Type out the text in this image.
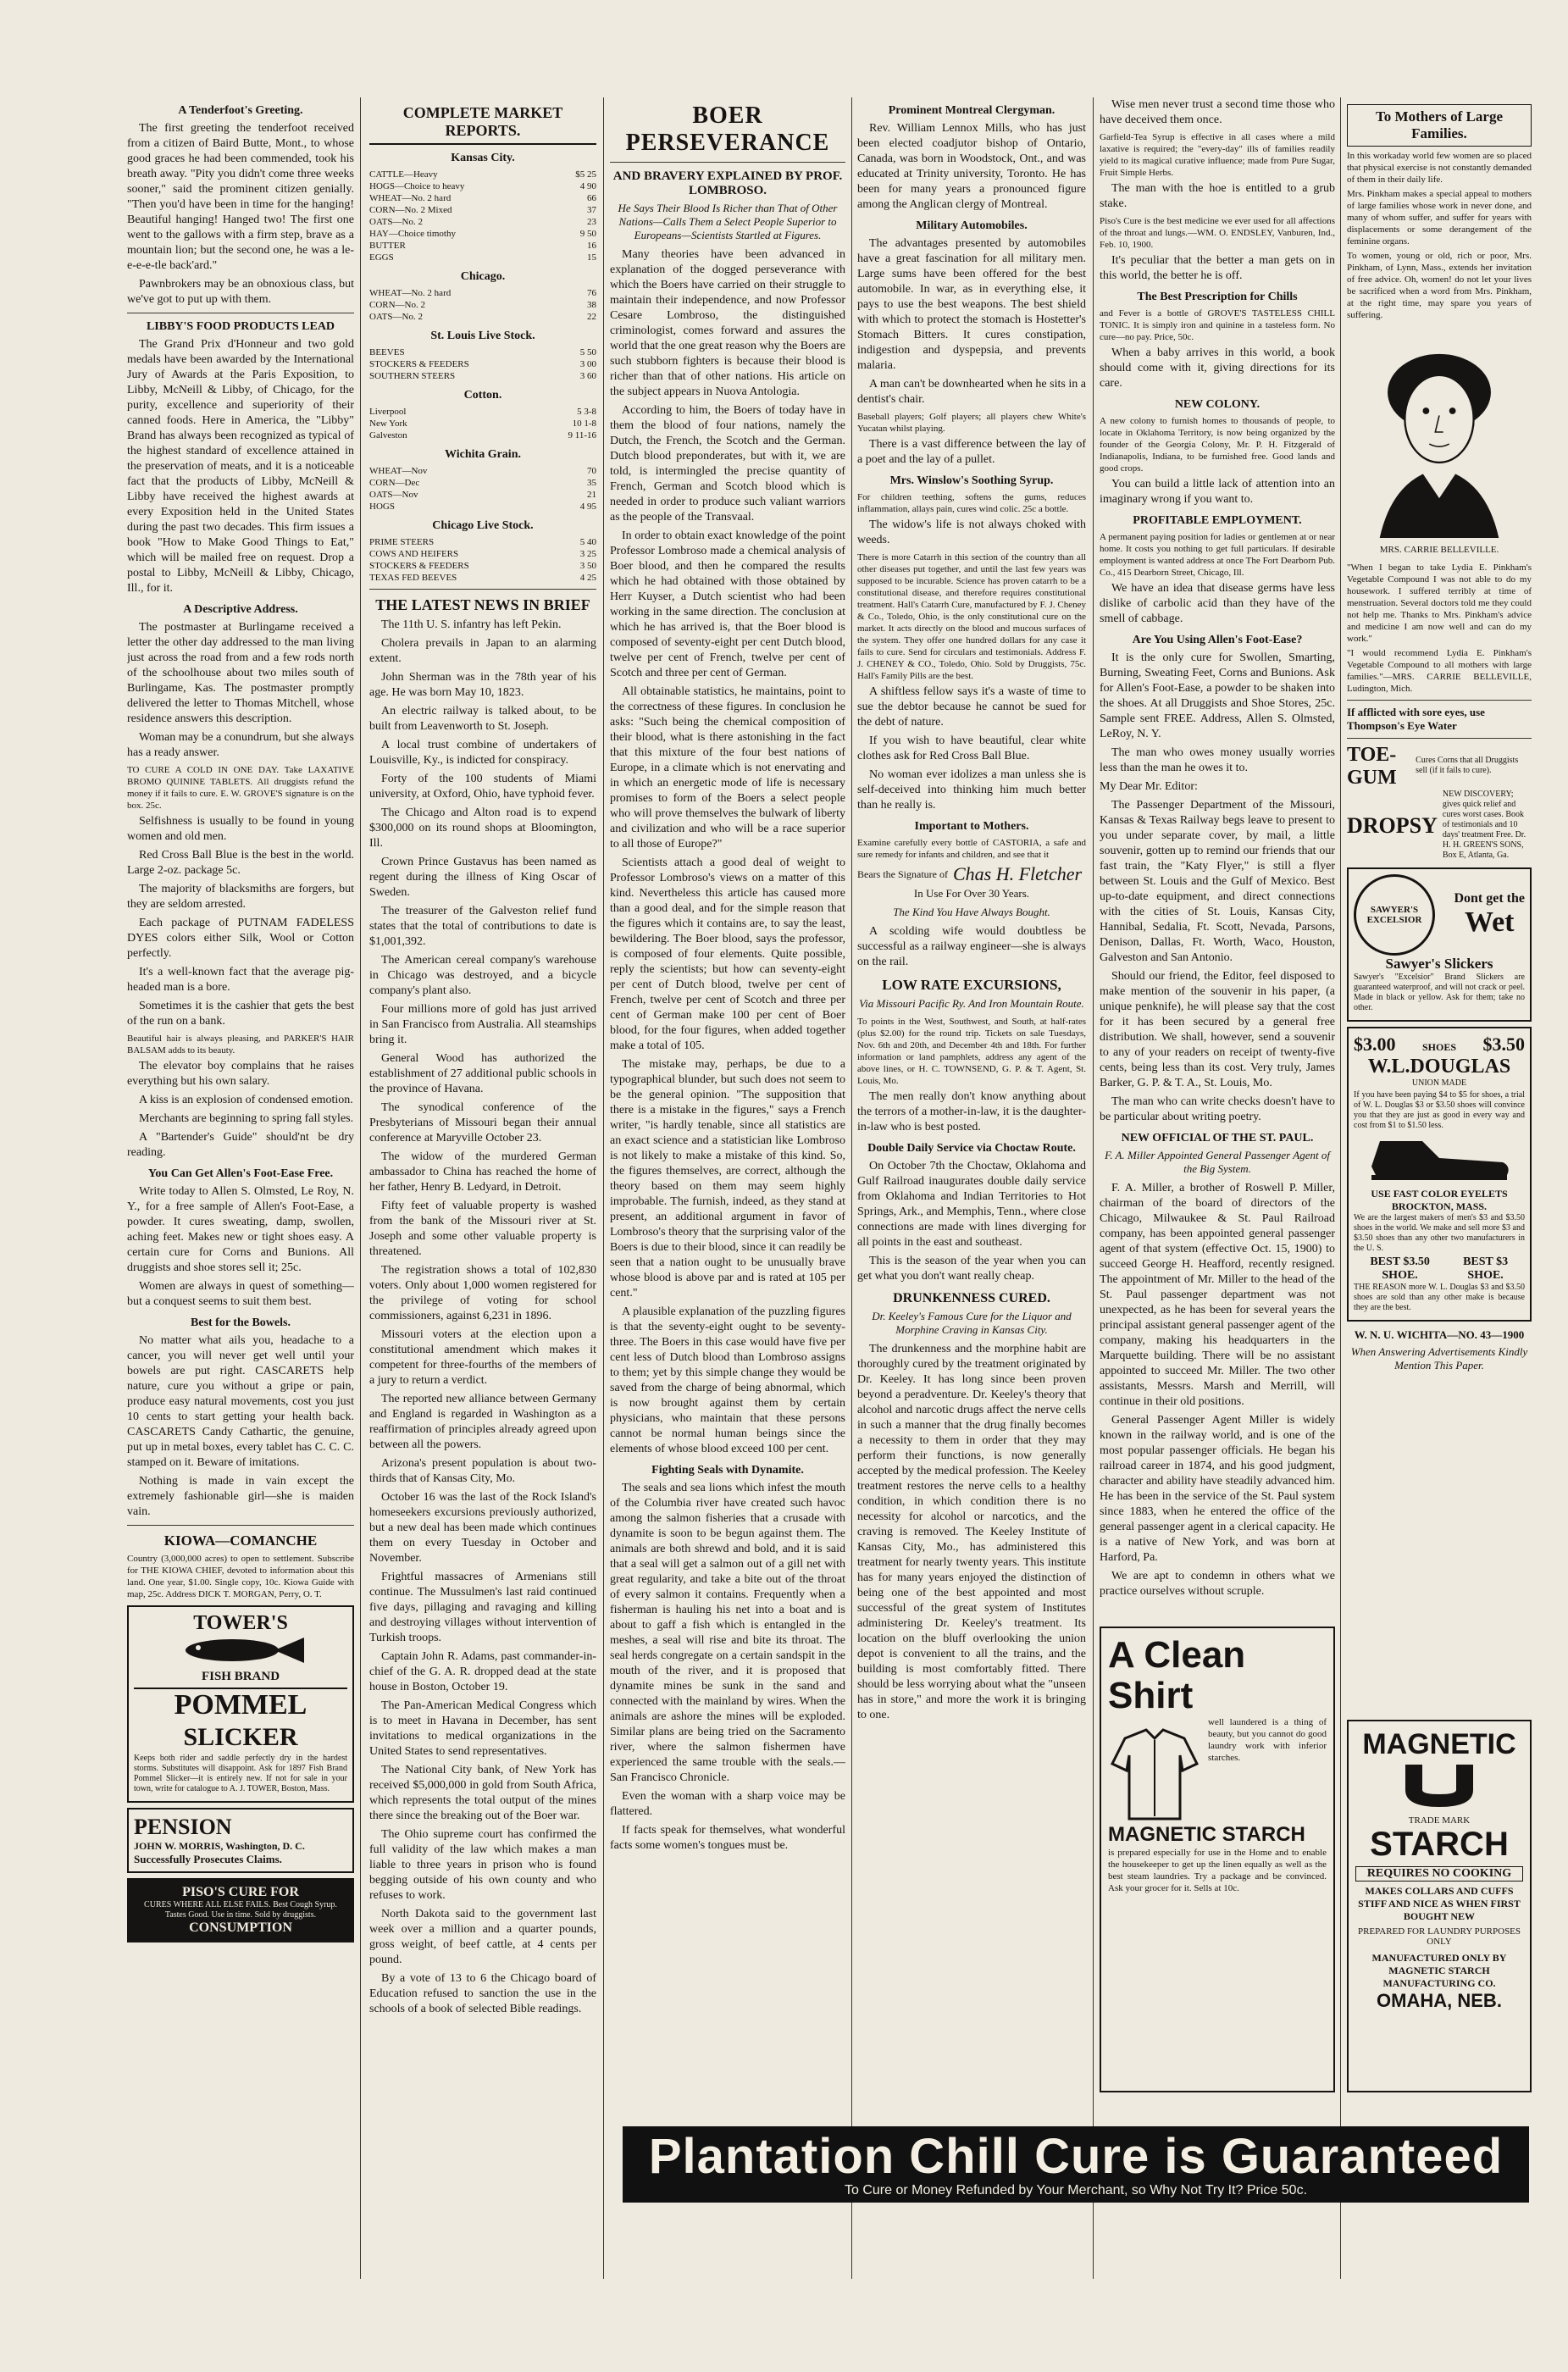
A Tenderfoot's Greeting.

The first greeting the tenderfoot received from a citizen of Baird Butte, Mont., to whose good graces he had been commended, took his breath away. "Pity you didn't come three weeks sooner," said the prominent citizen genially. "Then you'd have been in time for the hanging! Beautiful hanging! Hanged two! The first one went to the gallows with a firm step, brave as a mountain lion; but the second one, he was a le-e-e-e-tle back'ard."

Pawnbrokers may be an obnoxious class, but we've got to put up with them.

LIBBY'S FOOD PRODUCTS LEAD

The Grand Prix d'Honneur and two gold medals have been awarded by the International Jury of Awards at the Paris Exposition, to Libby, McNeill & Libby, of Chicago, for the purity, excellence and superiority of their canned foods. Here in America, the "Libby" Brand has always been recognized as typical of the highest standard of excellence attained in the preservation of meats, and it is a noticeable fact that the products of Libby, McNeill & Libby have received the highest awards at every Exposition held in the United States during the past two decades. This firm issues a book "How to Make Good Things to Eat," which will be mailed free on request. Drop a postal to Libby, McNeill & Libby, Chicago, Ill., for it.

A Descriptive Address.

The postmaster at Burlingame received a letter the other day addressed to the man living just across the road from and a few rods north of the schoolhouse about two miles south of Burlingame, Kas. The postmaster promptly delivered the letter to Thomas Mitchell, whose residence answers this description.

Woman may be a conundrum, but she always has a ready answer.

TO CURE A COLD IN ONE DAY. Take LAXATIVE BROMO QUININE TABLETS. All druggists refund the money if it fails to cure. E. W. GROVE'S signature is on the box. 25c.

Selfishness is usually to be found in young women and old men.

Red Cross Ball Blue is the best in the world. Large 2-oz. package 5c.

The majority of blacksmiths are forgers, but they are seldom arrested.

Each package of PUTNAM FADELESS DYES colors either Silk, Wool or Cotton perfectly.

It's a well-known fact that the average pig-headed man is a bore.

Sometimes it is the cashier that gets the best of the run on a bank.

Beautiful hair is always pleasing, and PARKER'S HAIR BALSAM adds to its beauty.

The elevator boy complains that he raises everything but his own salary.

A kiss is an explosion of condensed emotion.

Merchants are beginning to spring fall styles.

A "Bartender's Guide" should'nt be dry reading.

You Can Get Allen's Foot-Ease Free.

Write today to Allen S. Olmsted, Le Roy, N. Y., for a free sample of Allen's Foot-Ease, a powder. It cures sweating, damp, swollen, aching feet. Makes new or tight shoes easy. A certain cure for Corns and Bunions. All druggists and shoe stores sell it; 25c.

Women are always in quest of something—but a conquest seems to suit them best.

Best for the Bowels.

No matter what ails you, headache to a cancer, you will never get well until your bowels are put right. CASCARETS help nature, cure you without a gripe or pain, produce easy natural movements, cost you just 10 cents to start getting your health back. CASCARETS Candy Cathartic, the genuine, put up in metal boxes, every tablet has C. C. C. stamped on it. Beware of imitations.

Nothing is made in vain except the extremely fashionable girl—she is maiden vain.

KIOWA—COMANCHE

Country (3,000,000 acres) to open to settlement. Subscribe for THE KIOWA CHIEF, devoted to information about this land. One year, $1.00. Single copy, 10c. Kiowa Guide with map, 25c. Address DICK T. MORGAN, Perry, O. T.

TOWER'S
FISH BRAND
POMMEL
SLICKER

Keeps both rider and saddle perfectly dry in the hardest storms. Substitutes will disappoint. Ask for 1897 Fish Brand Pommel Slicker—it is entirely new. If not for sale in your town, write for catalogue to A. J. TOWER, Boston, Mass.

PENSION
JOHN W. MORRIS, Washington, D. C.
Successfully Prosecutes Claims.
PISO'S CURE FOR
CURES WHERE ALL ELSE FAILS. Best Cough Syrup. Tastes Good. Use in time. Sold by druggists.
CONSUMPTION
COMPLETE MARKET REPORTS.
Kansas City.
CATTLE—Heavy	$5 25
HOGS—Choice to heavy	4 90
WHEAT—No. 2 hard	66
CORN—No. 2 Mixed	37
OATS—No. 2	23
HAY—Choice timothy	9 50
BUTTER	16
EGGS	15
Chicago.
WHEAT—No. 2 hard	76
CORN—No. 2	38
OATS—No. 2	22
St. Louis Live Stock.
BEEVES	5 50
STOCKERS & FEEDERS	3 00
SOUTHERN STEERS	3 60
Cotton.
Liverpool	5 3-8
New York	10 1-8
Galveston	9 11-16
Wichita Grain.
WHEAT—Nov	70
CORN—Dec	35
OATS—Nov	21
HOGS	4 95
Chicago Live Stock.
PRIME STEERS	5 40
COWS AND HEIFERS	3 25
STOCKERS & FEEDERS	3 50
TEXAS FED BEEVES	4 25
THE LATEST NEWS IN BRIEF

The 11th U. S. infantry has left Pekin.

Cholera prevails in Japan to an alarming extent.

John Sherman was in the 78th year of his age. He was born May 10, 1823.

An electric railway is talked about, to be built from Leavenworth to St. Joseph.

A local trust combine of undertakers of Louisville, Ky., is indicted for conspiracy.

Forty of the 100 students of Miami university, at Oxford, Ohio, have typhoid fever.

The Chicago and Alton road is to expend $300,000 on its round shops at Bloomington, Ill.

Crown Prince Gustavus has been named as regent during the illness of King Oscar of Sweden.

The treasurer of the Galveston relief fund states that the total of contributions to date is $1,001,392.

The American cereal company's warehouse in Chicago was destroyed, and a bicycle company's plant also.

Four millions more of gold has just arrived in San Francisco from Australia. All steamships bring it.

General Wood has authorized the establishment of 27 additional public schools in the province of Havana.

The synodical conference of the Presbyterians of Missouri began their annual conference at Maryville October 23.

The widow of the murdered German ambassador to China has reached the home of her father, Henry B. Ledyard, in Detroit.

Fifty feet of valuable property is washed from the bank of the Missouri river at St. Joseph and some other valuable property is threatened.

The registration shows a total of 102,830 voters. Only about 1,000 women registered for the privilege of voting for school commissioners, against 6,231 in 1896.

Missouri voters at the election upon a constitutional amendment which makes it competent for three-fourths of the members of a jury to return a verdict.

The reported new alliance between Germany and England is regarded in Washington as a reaffirmation of principles already agreed upon between all the powers.

Arizona's present population is about two-thirds that of Kansas City, Mo.

October 16 was the last of the Rock Island's homeseekers excursions previously authorized, but a new deal has been made which continues them on every Tuesday in October and November.

Frightful massacres of Armenians still continue. The Mussulmen's last raid continued five days, pillaging and ravaging and killing and destroying villages without intervention of Turkish troops.

Captain John R. Adams, past commander-in-chief of the G. A. R. dropped dead at the state house in Boston, October 19.

The Pan-American Medical Congress which is to meet in Havana in December, has sent invitations to medical organizations in the United States to send representatives.

The National City bank, of New York has received $5,000,000 in gold from South Africa, which represents the total output of the mines there since the breaking out of the Boer war.

The Ohio supreme court has confirmed the full validity of the law which makes a man liable to three years in prison who is found begging outside of his own county and who refuses to work.

North Dakota said to the government last week over a million and a quarter pounds, gross weight, of beef cattle, at 4 cents per pound.

By a vote of 13 to 6 the Chicago board of Education refused to sanction the use in the schools of a book of selected Bible readings.

BOER PERSEVERANCE
AND BRAVERY EXPLAINED BY PROF. LOMBROSO.
He Says Their Blood Is Richer than That of Other Nations—Calls Them a Select People Superior to Europeans—Scientists Startled at Figures.

Many theories have been advanced in explanation of the dogged perseverance with which the Boers have carried on their struggle to maintain their independence, and now Professor Cesare Lombroso, the distinguished criminologist, comes forward and assures the world that the one great reason why the Boers are such stubborn fighters is because their blood is richer than that of other nations. His article on the subject appears in Nuova Antologia.

According to him, the Boers of today have in them the blood of four nations, namely the Dutch, the French, the Scotch and the German. Dutch blood preponderates, but with it, we are told, is intermingled the precise quantity of French, German and Scotch blood which is needed in order to produce such valiant warriors as the people of the Transvaal.

In order to obtain exact knowledge of the point Professor Lombroso made a chemical analysis of Boer blood, and then he compared the results which he had obtained with those obtained by Herr Kuyser, a Dutch scientist who had been working in the same direction. The conclusion at which he has arrived is, that the Boer blood is composed of seventy-eight per cent Dutch blood, twelve per cent of French, twelve per cent of Scotch and three per cent of German.

All obtainable statistics, he maintains, point to the correctness of these figures. In conclusion he asks: "Such being the chemical composition of their blood, what is there astonishing in the fact that this mixture of the four best nations of Europe, in a climate which is not enervating and in which an energetic mode of life is necessary promises to form of the Boers a select people who will prove themselves the bulwark of liberty and civilization and who will be a race superior to all those of Europe?"

Scientists attach a good deal of weight to Professor Lombroso's views on a matter of this kind. Nevertheless this article has caused more than a good deal, and for the simple reason that the figures which it contains are, to say the least, bewildering. The Boer blood, says the professor, is composed of four elements. Quite possible, reply the scientists; but how can seventy-eight per cent of Dutch blood, twelve per cent of French, twelve per cent of Scotch and three per cent of German make 100 per cent of Boer blood, for the four figures, when added together make a total of 105.

The mistake may, perhaps, be due to a typographical blunder, but such does not seem to be the general opinion. "The supposition that there is a mistake in the figures," says a French writer, "is hardly tenable, since all statistics are an exact science and a statistician like Lombroso is not likely to make a mistake of this kind. So, the figures themselves, are correct, although the theory based on them may seem highly improbable. The furnish, indeed, as they stand at present, an additional argument in favor of Lombroso's theory that the surprising valor of the Boers is due to their blood, since it can readily be seen that a nation ought to be unusually brave whose blood is above par and is rated at 105 per cent."

A plausible explanation of the puzzling figures is that the seventy-eight ought to be seventy-three. The Boers in this case would have five per cent less of Dutch blood than Lombroso assigns to them; yet by this simple change they would be saved from the charge of being abnormal, which is now brought against them by certain physicians, who maintain that these persons cannot be normal human beings since the elements of whose blood exceed 100 per cent.

Fighting Seals with Dynamite.

The seals and sea lions which infest the mouth of the Columbia river have created such havoc among the salmon fisheries that a crusade with dynamite is soon to be begun against them. The animals are both shrewd and bold, and it is said that a seal will get a salmon out of a gill net with great regularity, and take a bite out of the throat of every salmon it contains. Frequently when a fisherman is hauling his net into a boat and is about to gaff a fish which is entangled in the meshes, a seal will rise and bite its throat. The seal herds congregate on a certain sandspit in the mouth of the river, and it is proposed that dynamite mines be sunk in the sand and connected with the mainland by wires. When the animals are ashore the mines will be exploded. Similar plans are being tried on the Sacramento river, where the salmon fishermen have experienced the same trouble with the seals.—San Francisco Chronicle.

Even the woman with a sharp voice may be flattered.

If facts speak for themselves, what wonderful facts some women's tongues must be.

Prominent Montreal Clergyman.

Rev. William Lennox Mills, who has just been elected coadjutor bishop of Ontario, Canada, was born in Woodstock, Ont., and was educated at Trinity university, Toronto. He has been for many years a pronounced figure among the Anglican clergy of Montreal.

Military Automobiles.

The advantages presented by automobiles have a great fascination for all military men. Large sums have been offered for the best automobile. In war, as in everything else, it pays to use the best weapons. The best shield with which to protect the stomach is Hostetter's Stomach Bitters. It cures constipation, indigestion and dyspepsia, and prevents malaria.

A man can't be downhearted when he sits in a dentist's chair.

Baseball players; Golf players; all players chew White's Yucatan whilst playing.

There is a vast difference between the lay of a poet and the lay of a pullet.

Mrs. Winslow's Soothing Syrup.

For children teething, softens the gums, reduces inflammation, allays pain, cures wind colic. 25c a bottle.

The widow's life is not always choked with weeds.

There is more Catarrh in this section of the country than all other diseases put together, and until the last few years was supposed to be incurable. Science has proven catarrh to be a constitutional disease, and therefore requires constitutional treatment. Hall's Catarrh Cure, manufactured by F. J. Cheney & Co., Toledo, Ohio, is the only constitutional cure on the market. It acts directly on the blood and mucous surfaces of the system. They offer one hundred dollars for any case it fails to cure. Send for circulars and testimonials. Address F. J. CHENEY & CO., Toledo, Ohio. Sold by Druggists, 75c. Hall's Family Pills are the best.

A shiftless fellow says it's a waste of time to sue the debtor because he cannot be sued for the debt of nature.

If you wish to have beautiful, clear white clothes ask for Red Cross Ball Blue.

No woman ever idolizes a man unless she is self-deceived into thinking him much better than he really is.

Important to Mothers.

Examine carefully every bottle of CASTORIA, a safe and sure remedy for infants and children, and see that it

Bears the Signature of Chas H. Fletcher
In Use For Over 30 Years.
The Kind You Have Always Bought.

A scolding wife would doubtless be successful as a railway engineer—she is always on the rail.

LOW RATE EXCURSIONS,
Via Missouri Pacific Ry. And Iron Mountain Route.

To points in the West, Southwest, and South, at half-rates (plus $2.00) for the round trip. Tickets on sale Tuesdays, Nov. 6th and 20th, and December 4th and 18th. For further information or land pamphlets, address any agent of the above lines, or H. C. TOWNSEND, G. P. & T. Agent, St. Louis, Mo.

The men really don't know anything about the terrors of a mother-in-law, it is the daughter-in-law who is best posted.

Double Daily Service via Choctaw Route.

On October 7th the Choctaw, Oklahoma and Gulf Railroad inaugurates double daily service from Oklahoma and Indian Territories to Hot Springs, Ark., and Memphis, Tenn., where close connections are made with lines diverging for all points in the east and southeast.

This is the season of the year when you can get what you don't want really cheap.

DRUNKENNESS CURED.
Dr. Keeley's Famous Cure for the Liquor and Morphine Craving in Kansas City.

The drunkenness and the morphine habit are thoroughly cured by the treatment originated by Dr. Keeley. It has long since been proven beyond a peradventure. Dr. Keeley's theory that alcohol and narcotic drugs affect the nerve cells in such a manner that the drug finally becomes a necessity to them in order that they may perform their functions, is now generally accepted by the medical profession. The Keeley treatment restores the nerve cells to a healthy condition, in which condition there is no necessity for alcohol or narcotics, and the craving is removed. The Keeley Institute of Kansas City, Mo., has administered this treatment for nearly twenty years. This institute has for many years enjoyed the distinction of being one of the best appointed and most successful of the great system of Institutes administering Dr. Keeley's treatment. Its location on the bluff overlooking the union depot is convenient to all the trains, and the building is most comfortably fitted. There should be less worrying about what the "unseen has in store," and more the work it is bringing to one.

Wise men never trust a second time those who have deceived them once.

Garfield-Tea Syrup is effective in all cases where a mild laxative is required; the "every-day" ills of families readily yield to its magical curative influence; made from Pure Sugar, Fruit Simple Herbs.

The man with the hoe is entitled to a grub stake.

Piso's Cure is the best medicine we ever used for all affections of the throat and lungs.—WM. O. ENDSLEY, Vanburen, Ind., Feb. 10, 1900.

It's peculiar that the better a man gets on in this world, the better he is off.

The Best Prescription for Chills

and Fever is a bottle of GROVE'S TASTELESS CHILL TONIC. It is simply iron and quinine in a tasteless form. No cure—no pay. Price, 50c.

When a baby arrives in this world, a book should come with it, giving directions for its care.

NEW COLONY.

A new colony to furnish homes to thousands of people, to locate in Oklahoma Territory, is now being organized by the founder of the Georgia Colony, Mr. P. H. Fitzgerald of Indianapolis, Indiana, to be furnished free. Good lands and good crops.

You can build a little lack of attention into an imaginary wrong if you want to.

PROFITABLE EMPLOYMENT.

A permanent paying position for ladies or gentlemen at or near home. It costs you nothing to get full particulars. If desirable employment is wanted address at once The Fort Dearborn Pub. Co., 415 Dearborn Street, Chicago, Ill.

We have an idea that disease germs have less dislike of carbolic acid than they have of the smell of cabbage.

Are You Using Allen's Foot-Ease?

It is the only cure for Swollen, Smarting, Burning, Sweating Feet, Corns and Bunions. Ask for Allen's Foot-Ease, a powder to be shaken into the shoes. At all Druggists and Shoe Stores, 25c. Sample sent FREE. Address, Allen S. Olmsted, LeRoy, N. Y.

The man who owes money usually worries less than the man he owes it to.

My Dear Mr. Editor:

The Passenger Department of the Missouri, Kansas & Texas Railway begs leave to present to you under separate cover, by mail, a little souvenir, gotten up to remind our friends that our fast train, the "Katy Flyer," is still a flyer between St. Louis and the Gulf of Mexico. Best up-to-date equipment, and direct connections with the cities of St. Louis, Kansas City, Hannibal, Sedalia, Ft. Scott, Nevada, Parsons, Denison, Dallas, Ft. Worth, Waco, Houston, Galveston and San Antonio.

Should our friend, the Editor, feel disposed to make mention of the souvenir in his paper, (a unique penknife), he will please say that the cost for it has been secured by a general free distribution. We shall, however, send a souvenir to any of your readers on receipt of twenty-five cents, being less than its cost. Very truly, James Barker, G. P. & T. A., St. Louis, Mo.

The man who can write checks doesn't have to be particular about writing poetry.

NEW OFFICIAL OF THE ST. PAUL.
F. A. Miller Appointed General Passenger Agent of the Big System.

F. A. Miller, a brother of Roswell P. Miller, chairman of the board of directors of the Chicago, Milwaukee & St. Paul Railroad company, has been appointed general passenger agent of that system (effective Oct. 15, 1900) to succeed George H. Heafford, recently resigned. The appointment of Mr. Miller to the head of the St. Paul passenger department was not unexpected, as he has been for several years the principal assistant general passenger agent of the company, making his headquarters in the Marquette building. There will be no assistant appointed to succeed Mr. Miller. The two other assistants, Messrs. Marsh and Merrill, will continue in their old positions.

General Passenger Agent Miller is widely known in the railway world, and is one of the most popular passenger officials. He began his railroad career in 1874, and his good judgment, character and ability have steadily advanced him. He has been in the service of the St. Paul system since 1883, when he entered the office of the general passenger agent in a clerical capacity. He is a native of New York, and was born at Harford, Pa.

We are apt to condemn in others what we practice ourselves without scruple.

To Mothers of Large Families.

In this workaday world few women are so placed that physical exercise is not constantly demanded of them in their daily life.

Mrs. Pinkham makes a special appeal to mothers of large families whose work in never done, and many of whom suffer, and suffer for years with displacements or some derangement of the feminine organs.

To women, young or old, rich or poor, Mrs. Pinkham, of Lynn, Mass., extends her invitation of free advice. Oh, women! do not let your lives be sacrificed when a word from Mrs. Pinkham, at the right time, may spare you years of suffering.

MRS. CARRIE BELLEVILLE.

"When I began to take Lydia E. Pinkham's Vegetable Compound I was not able to do my housework. I suffered terribly at time of menstruation. Several doctors told me they could not help me. Thanks to Mrs. Pinkham's advice and medicine I am now well and can do my work."

"I would recommend Lydia E. Pinkham's Vegetable Compound to all mothers with large families."—MRS. CARRIE BELLEVILLE, Ludington, Mich.

If afflicted with sore eyes, use Thompson's Eye Water
TOE-GUM
Cures Corns that all Druggists sell (if it fails to cure).
DROPSY
NEW DISCOVERY; gives quick relief and cures worst cases. Book of testimonials and 10 days' treatment Free. Dr. H. H. GREEN'S SONS, Box E, Atlanta, Ga.
SAWYER'S
EXCELSIOR
Dont get the
Wet
Sawyer's Slickers

Sawyer's "Excelsior" Brand Slickers are guaranteed waterproof, and will not crack or peel. Made in black or yellow. Ask for them; take no other.

$3.00	SHOES $3.50
W.L.DOUGLAS
UNION MADE

If you have been paying $4 to $5 for shoes, a trial of W. L. Douglas $3 or $3.50 shoes will convince you that they are just as good in every way and cost from $1 to $1.50 less.

USE FAST COLOR EYELETS
BROCKTON, MASS.

We are the largest makers of men's $3 and $3.50 shoes in the world. We make and sell more $3 and $3.50 shoes than any other two manufacturers in the U. S.

BEST $3.50 SHOE.
BEST $3 SHOE.

THE REASON more W. L. Douglas $3 and $3.50 shoes are sold than any other make is because they are the best.

W. N. U. WICHITA—NO. 43—1900
When Answering Advertisements Kindly Mention This Paper.
A Clean
Shirt

well laundered is a thing of beauty, but you cannot do good laundry work with inferior starches.

MAGNETIC STARCH

is prepared especially for use in the Home and to enable the housekeeper to get up the linen equally as well as the best steam laundries. Try a package and be convinced. Ask your grocer for it. Sells at 10c.

MAGNETIC
TRADE MARK
STARCH
REQUIRES NO COOKING
MAKES COLLARS AND CUFFS STIFF AND NICE AS WHEN FIRST BOUGHT NEW
PREPARED FOR LAUNDRY PURPOSES ONLY
MANUFACTURED ONLY BY
MAGNETIC STARCH MANUFACTURING CO.
OMAHA, NEB.
Plantation Chill Cure is Guaranteed
To Cure or Money Refunded by Your Merchant, so Why Not Try It? Price 50c.
